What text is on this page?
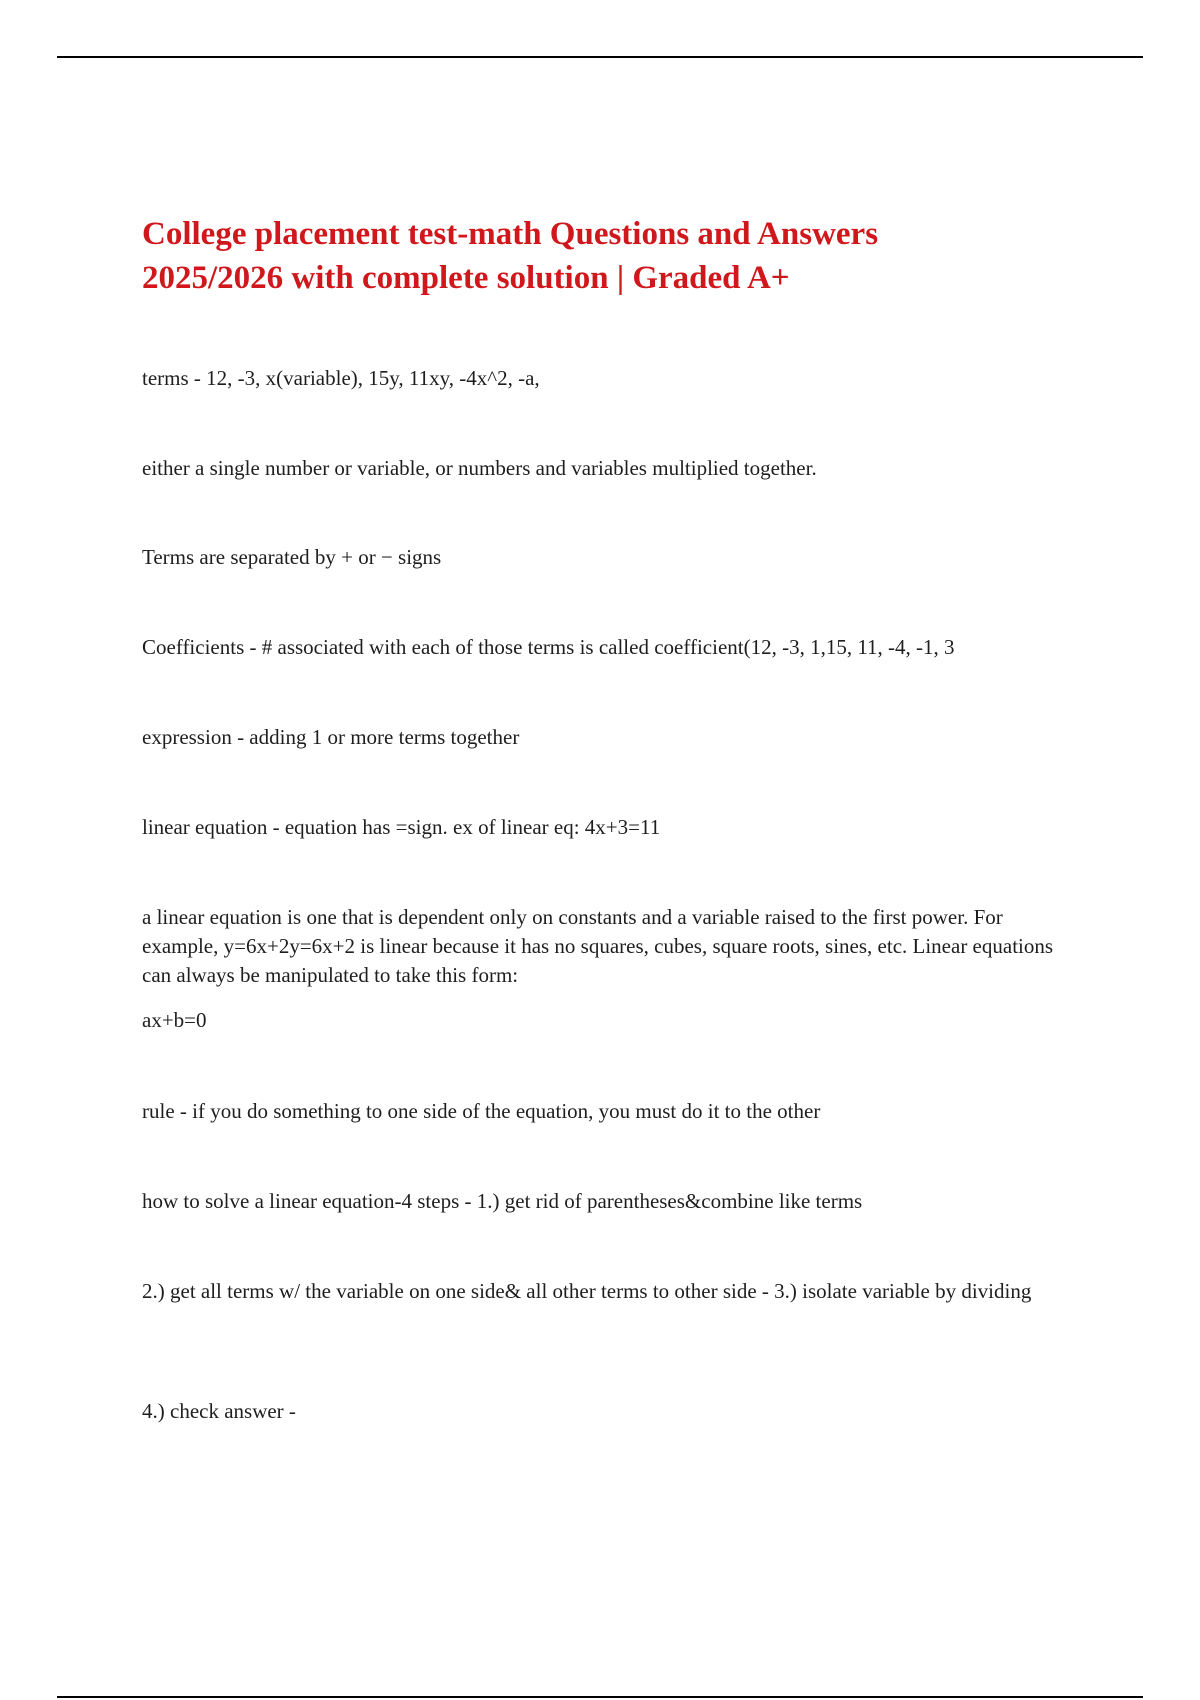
College placement test-math Questions and Answers
2025/2026 with complete solution | Graded A+

terms - 12, -3, x(variable), 15y, 11xy, -4x^2, -a,

either a single number or variable, or numbers and variables multiplied together.

Terms are separated by + or − signs

Coefficients - # associated with each of those terms is called coefficient(12, -3, 1,15, 11, -4, -1, 3

expression - adding 1 or more terms together

linear equation - equation has =sign. ex of linear eq: 4x+3=11

a linear equation is one that is dependent only on constants and a variable raised to the first power. For example, y=6x+2y=6x+2 is linear because it has no squares, cubes, square roots, sines, etc. Linear equations can always be manipulated to take this form:

ax+b=0

rule - if you do something to one side of the equation, you must do it to the other

how to solve a linear equation-4 steps - 1.) get rid of parentheses&combine like terms

2.) get all terms w/ the variable on one side& all other terms to other side - 3.) isolate variable by dividing

4.) check answer -
